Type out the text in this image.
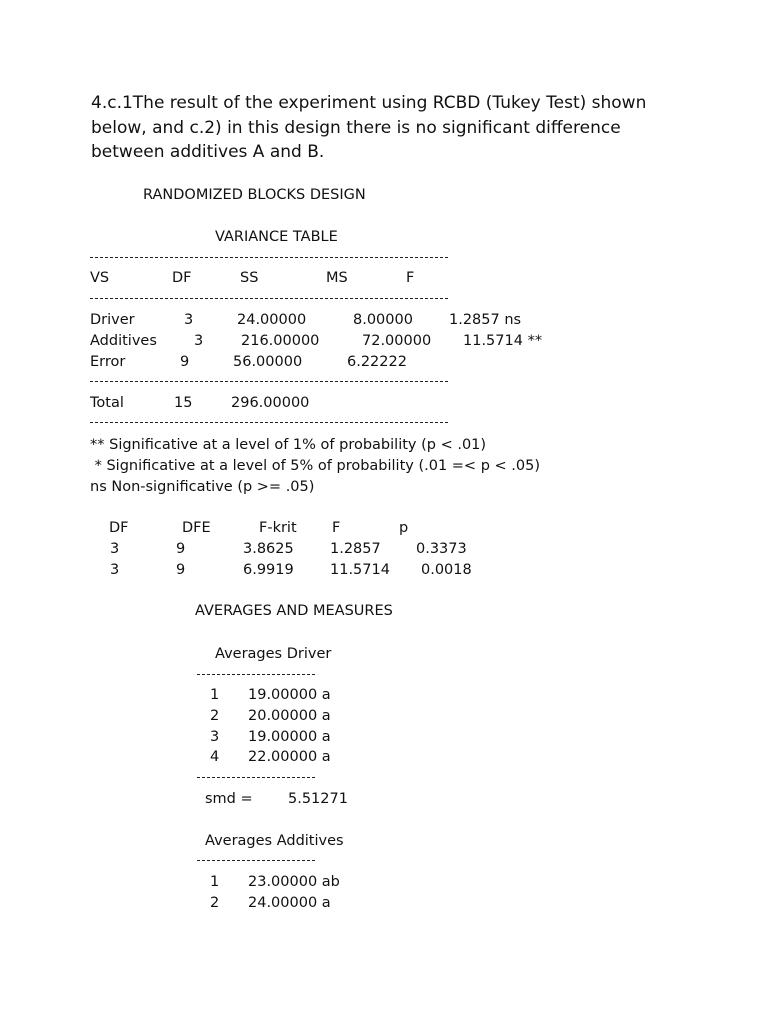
4.c.1The result of the experiment using RCBD (Tukey Test) shown
below, and c.2) in this design there is no significant difference
between additives A and B.
RANDOMIZED BLOCKS DESIGN
VARIANCE TABLE
VS	DF	SS	MS	F
Driver	3	24.00000	8.00000 1.2857 ns
Additives	3	216.00000	72.00000 11.5714 **
Error	9	56.00000	6.22222
Total	15	296.00000
** Significative at a level of 1% of probability (p < .01)
* Significative at a level of 5% of probability (.01 =< p < .05)
ns Non-significative (p >= .05)
DF	DFE	F-krit F	p
3	9	3.8625	1.2857 0.3373
3	9	6.9919	11.5714 0.0018
AVERAGES AND MEASURES
Averages Driver
1 19.00000 a
2 20.00000 a
3 19.00000 a
4 22.00000 a
smd = 5.51271
Averages Additives
1 23.00000 ab
2 24.00000 a
